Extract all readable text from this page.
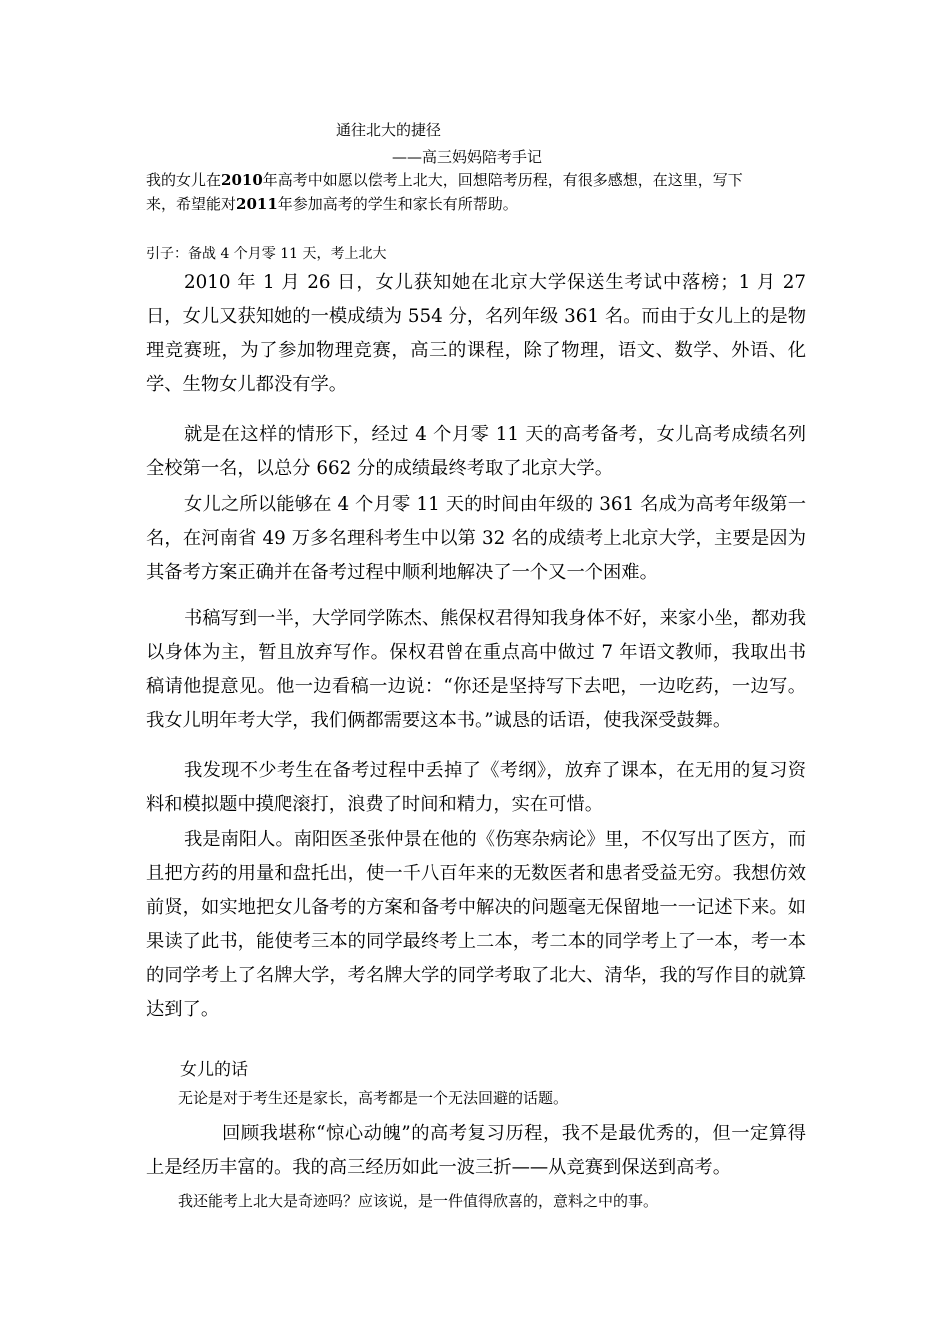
通往北大的捷径
——高三妈妈陪考手记
我的女儿在2010年高考中如愿以偿考上北大，回想陪考历程，有很多感想，在这里，写下
来，希望能对2011年参加高考的学生和家长有所帮助。
引子：备战 4 个月零 11 天，考上北大

2010 年 1 月 26 日，女儿获知她在北京大学保送生考试中落榜；1 月 27 日，女儿又获知她的一模成绩为 554 分，名列年级 361 名。而由于女儿上的是物理竞赛班，为了参加物理竞赛，高三的课程，除了物理，语文、数学、外语、化学、生物女儿都没有学。

就是在这样的情形下，经过 4 个月零 11 天的高考备考，女儿高考成绩名列全校第一名，以总分 662 分的成绩最终考取了北京大学。

女儿之所以能够在 4 个月零 11 天的时间由年级的 361 名成为高考年级第一名，在河南省 49 万多名理科考生中以第 32 名的成绩考上北京大学，主要是因为其备考方案正确并在备考过程中顺利地解决了一个又一个困难。

书稿写到一半，大学同学陈杰、熊保权君得知我身体不好，来家小坐，都劝我以身体为主，暂且放弃写作。保权君曾在重点高中做过 7 年语文教师，我取出书稿请他提意见。他一边看稿一边说：“你还是坚持写下去吧，一边吃药，一边写。我女儿明年考大学，我们俩都需要这本书。”诚恳的话语，使我深受鼓舞。

我发现不少考生在备考过程中丢掉了《考纲》，放弃了课本，在无用的复习资料和模拟题中摸爬滚打，浪费了时间和精力，实在可惜。

我是南阳人。南阳医圣张仲景在他的《伤寒杂病论》里，不仅写出了医方，而且把方药的用量和盘托出，使一千八百年来的无数医者和患者受益无穷。我想仿效前贤，如实地把女儿备考的方案和备考中解决的问题毫无保留地一一记述下来。如果读了此书，能使考三本的同学最终考上二本，考二本的同学考上了一本，考一本的同学考上了名牌大学，考名牌大学的同学考取了北大、清华，我的写作目的就算达到了。

女儿的话
无论是对于考生还是家长，高考都是一个无法回避的话题。

回顾我堪称“惊心动魄”的高考复习历程，我不是最优秀的，但一定算得上是经历丰富的。我的高三经历如此一波三折——从竞赛到保送到高考。

我还能考上北大是奇迹吗？应该说，是一件值得欣喜的，意料之中的事。
